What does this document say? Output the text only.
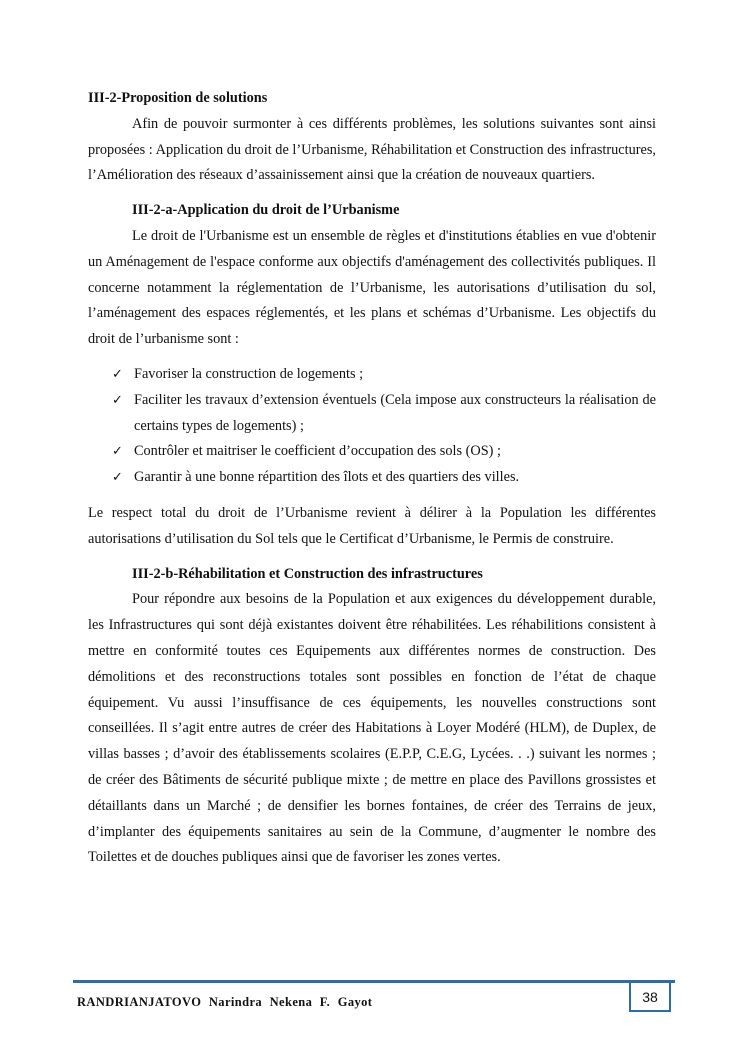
III-2-Proposition de solutions

Afin de pouvoir surmonter à ces différents problèmes, les solutions suivantes sont ainsi proposées : Application du droit de l’Urbanisme, Réhabilitation et Construction des infrastructures, l’Amélioration des réseaux d’assainissement ainsi que la création de nouveaux quartiers.

III-2-a-Application du droit de l’Urbanisme

Le droit de l'Urbanisme est un ensemble de règles et d'institutions établies en vue d'obtenir un Aménagement de l'espace conforme aux objectifs d'aménagement des collectivités publiques. Il concerne notamment la réglementation de l’Urbanisme, les autorisations d’utilisation du sol, l’aménagement des espaces réglementés, et les plans et schémas d’Urbanisme. Les objectifs du droit de l’urbanisme sont :

✓ Favoriser la construction de logements ;
✓ Faciliter les travaux d’extension éventuels (Cela impose aux constructeurs la réalisation de certains types de logements) ;
✓ Contrôler et maitriser le coefficient d’occupation des sols (OS) ;
✓ Garantir à une bonne répartition des îlots et des quartiers des villes.

Le respect total du droit de l’Urbanisme revient à délirer à la Population les différentes autorisations d’utilisation du Sol tels que le Certificat d’Urbanisme, le Permis de construire.

III-2-b-Réhabilitation et Construction des infrastructures

Pour répondre aux besoins de la Population et aux exigences du développement durable, les Infrastructures qui sont déjà existantes doivent être réhabilitées. Les réhabilitions consistent à mettre en conformité toutes ces Equipements aux différentes normes de construction. Des démolitions et des reconstructions totales sont possibles en fonction de l’état de chaque équipement. Vu aussi l’insuffisance de ces équipements, les nouvelles constructions sont conseillées. Il s’agit entre autres de créer des Habitations à Loyer Modéré (HLM), de Duplex, de villas basses ; d’avoir des établissements scolaires (E.P.P, C.E.G, Lycées. . .) suivant les normes ; de créer des Bâtiments de sécurité publique mixte ; de mettre en place des Pavillons grossistes et détaillants dans un Marché ; de densifier les bornes fontaines, de créer des Terrains de jeux, d’implanter des équipements sanitaires au sein de la Commune, d’augmenter le nombre des Toilettes et de douches publiques ainsi que de favoriser les zones vertes.

RANDRIANJATOVO Narindra Nekena F. Gayot	38
